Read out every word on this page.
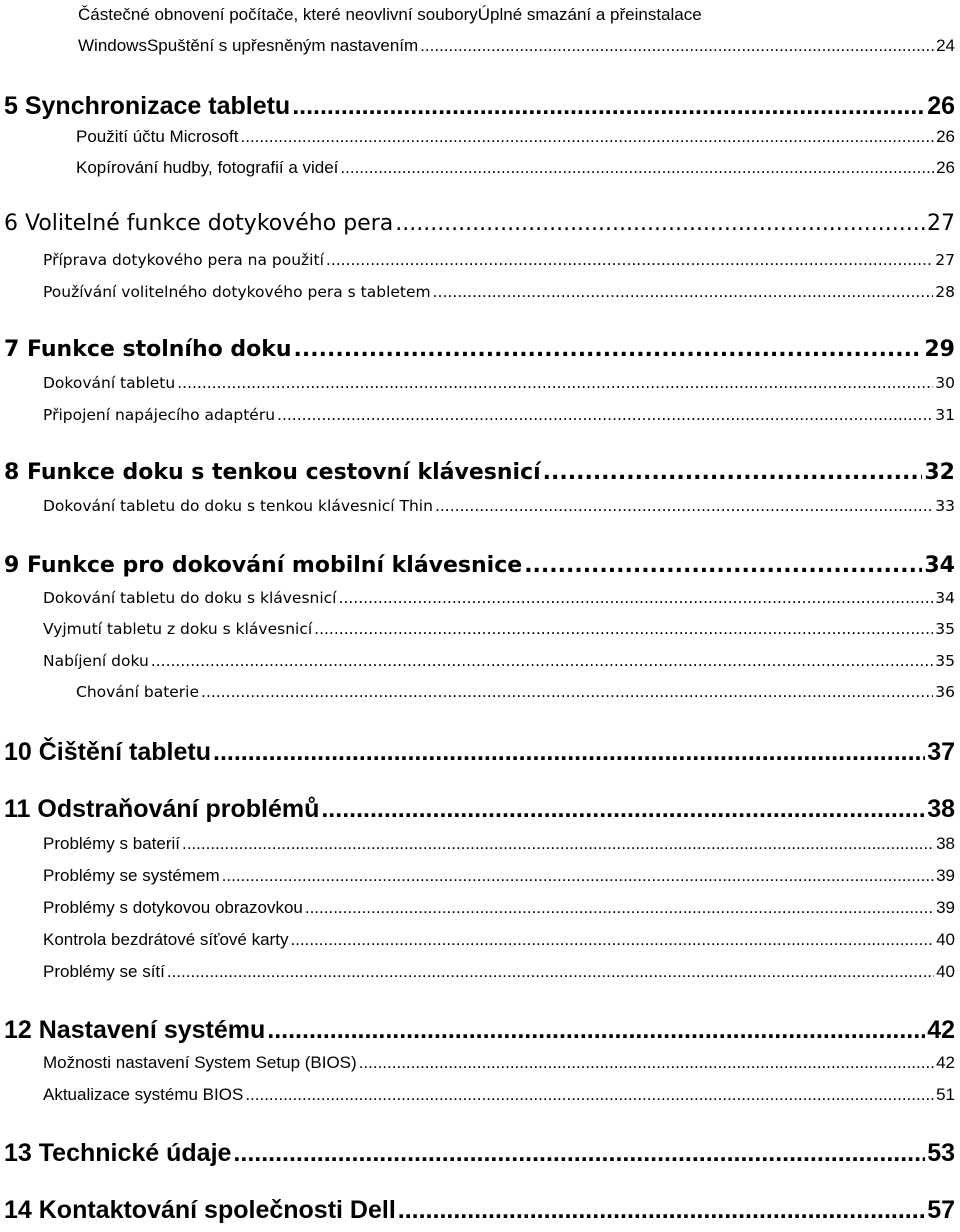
Částečné obnovení počítače, které neovlivní souboryÚplné smazání a přeinstalace
WindowsSpuštění s upřesněným nastavením .....	24
5 Synchronizace tabletu .....	26
Použití účtu Microsoft .....	26
Kopírování hudby, fotografií a videí .....	26
6 Volitelné funkce dotykového pera .....	27
Příprava dotykového pera na použití .....	27
Používání volitelného dotykového pera s tabletem .....	28
7 Funkce stolního doku .....	29
Dokování tabletu .....	30
Připojení napájecího adaptéru .....	31
8 Funkce doku s tenkou cestovní klávesnicí .....	32
Dokování tabletu do doku s tenkou klávesnicí Thin .....	33
9 Funkce pro dokování mobilní klávesnice .....	34
Dokování tabletu do doku s klávesnicí .....	34
Vyjmutí tabletu z doku s klávesnicí .....	35
Nabíjení doku .....	35
Chování baterie .....	36
10 Čištění tabletu .....	37
11 Odstraňování problémů .....	38
Problémy s baterií .....	38
Problémy se systémem .....	39
Problémy s dotykovou obrazovkou .....	39
Kontrola bezdrátové síťové karty .....	40
Problémy se sítí .....	40
12 Nastavení systému .....	42
Možnosti nastavení System Setup (BIOS) .....	42
Aktualizace systému BIOS .....	51
13 Technické údaje .....	53
14 Kontaktování společnosti Dell .....	57
